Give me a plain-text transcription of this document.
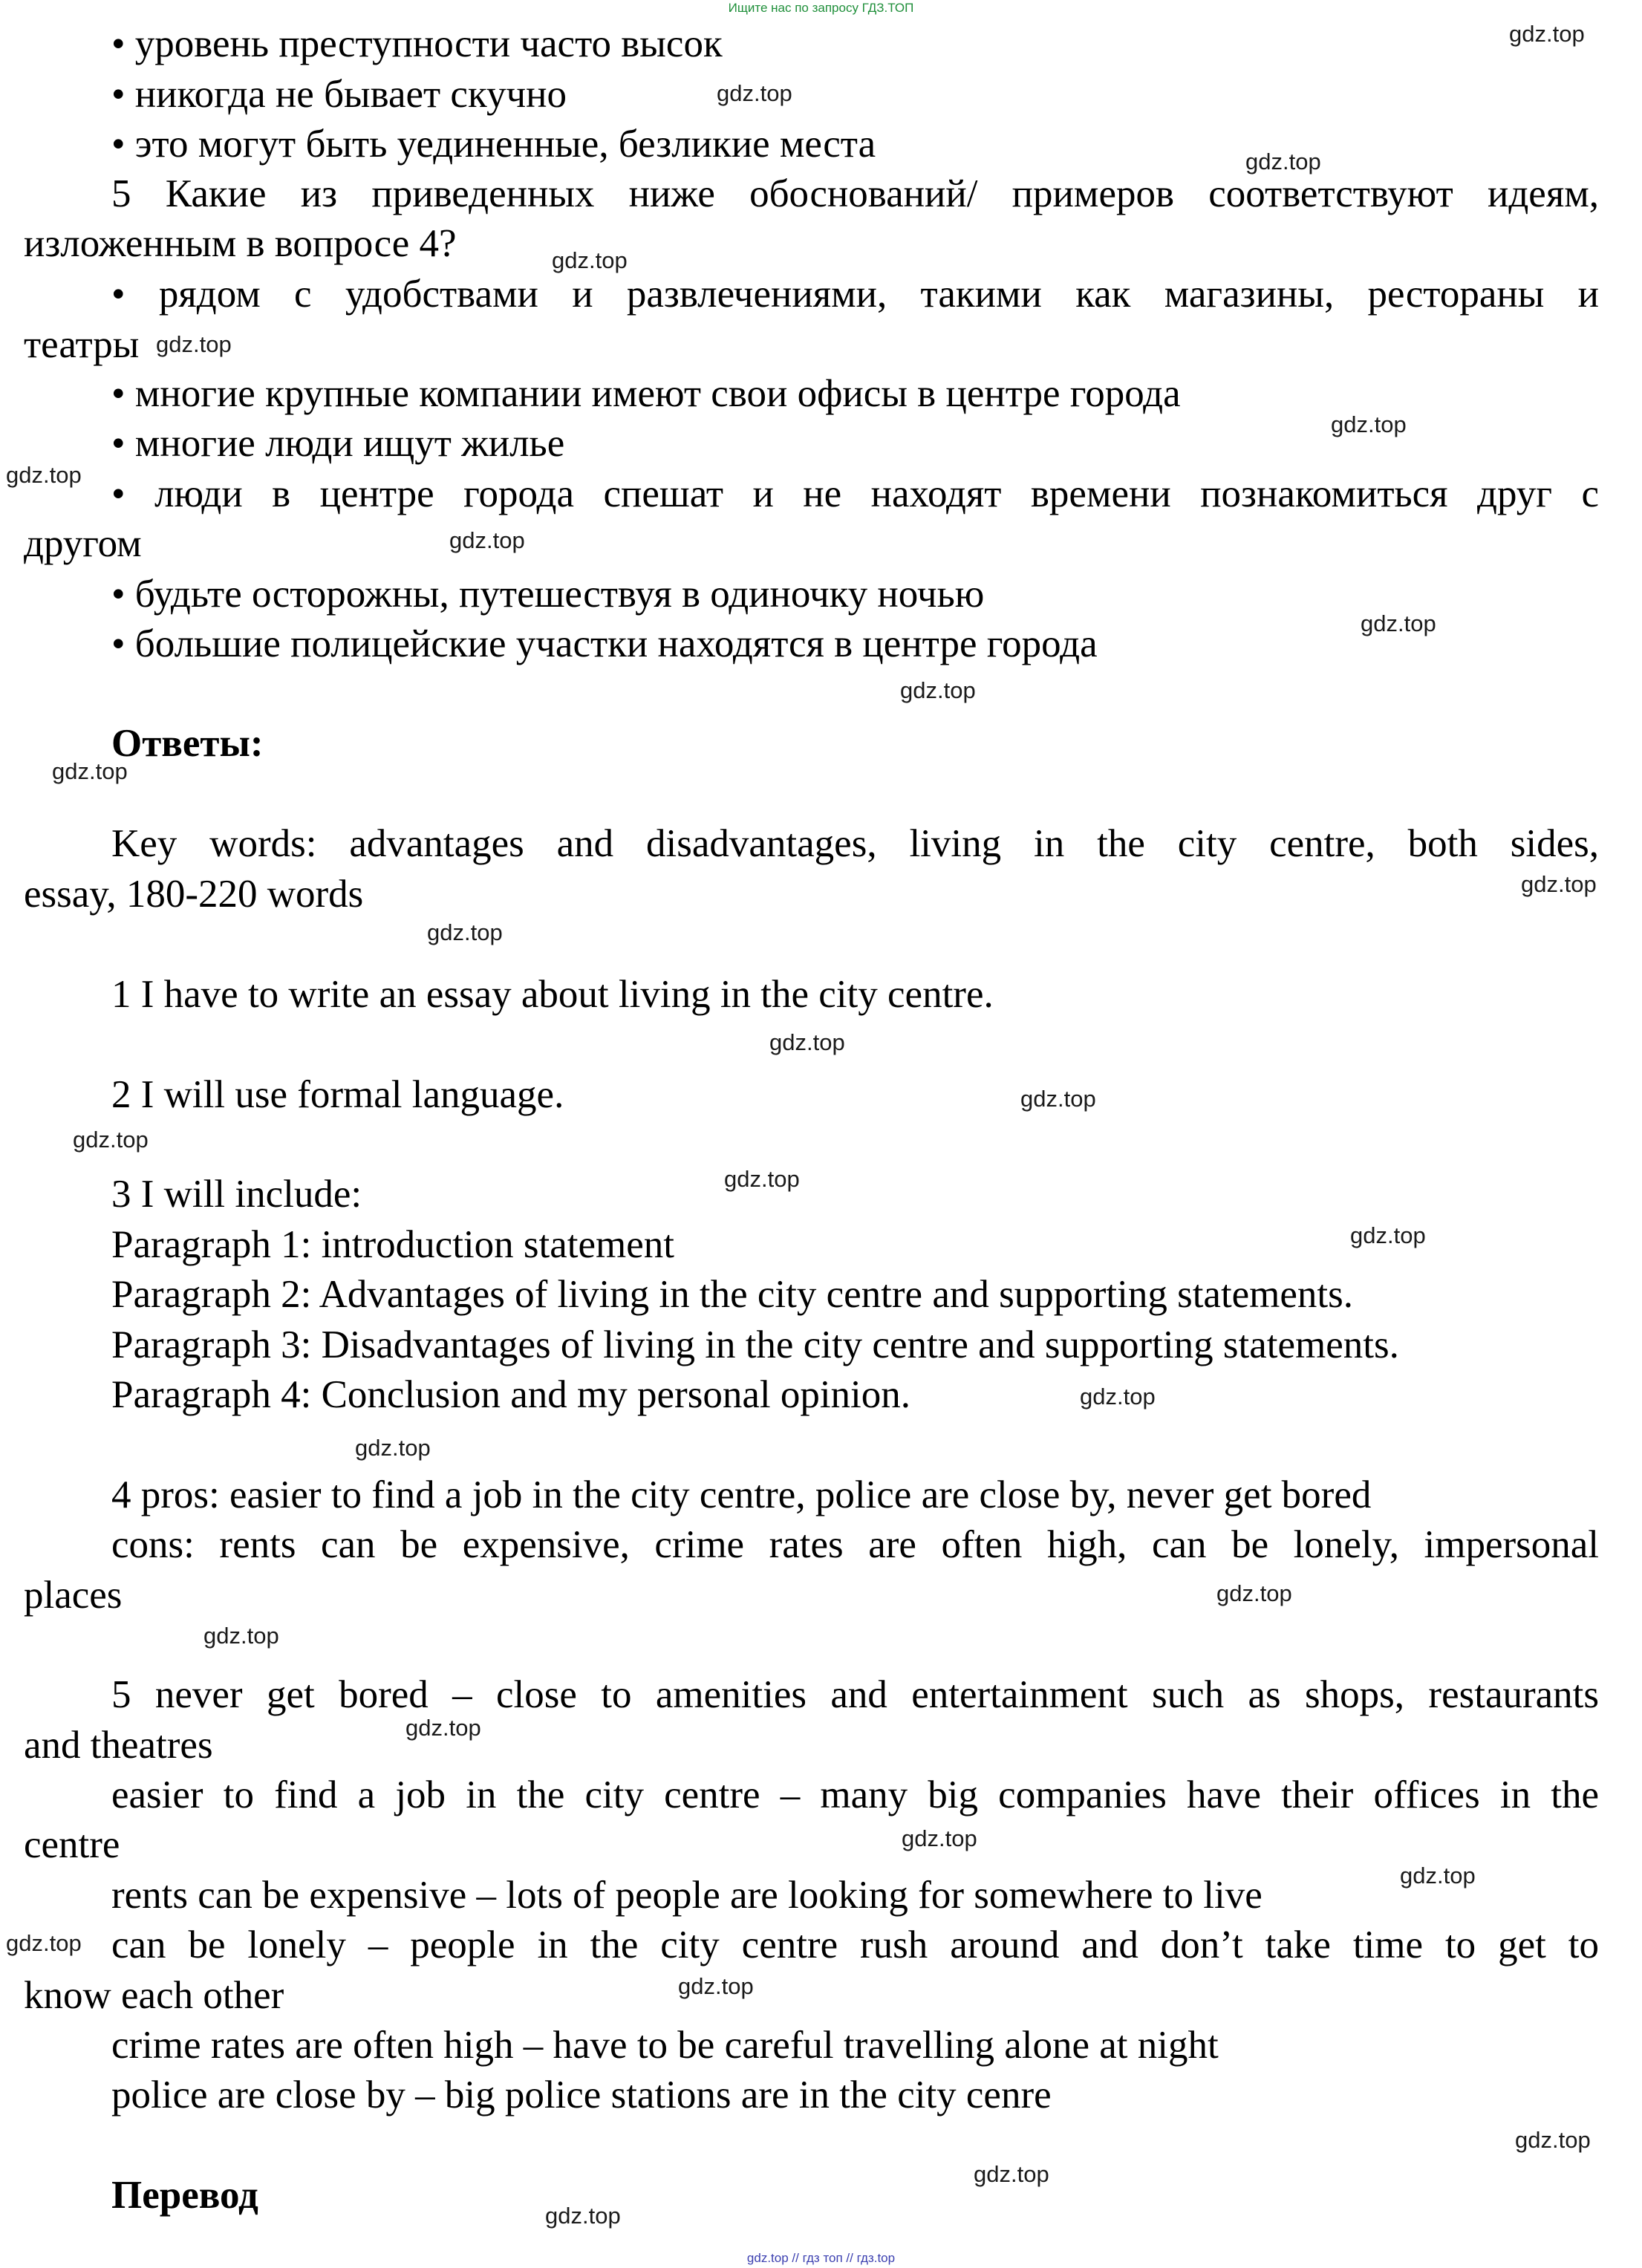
Ищите нас по запросу ГДЗ.ТОП
gdz.top // гдз топ // гдз.top
• уровень преступности часто высок
• никогда не бывает скучно
• это могут быть уединенные, безликие места
5 Какие из приведенных ниже обоснований/ примеров соответствуют идеям,
изложенным в вопросе 4?
• рядом с удобствами и развлечениями, такими как магазины, рестораны и
театры
• многие крупные компании имеют свои офисы в центре города
• многие люди ищут жилье
• люди в центре города спешат и не находят времени познакомиться друг с
другом
• будьте осторожны, путешествуя в одиночку ночью
• большие полицейские участки находятся в центре города
Ответы:
Key words: advantages and disadvantages, living in the city centre, both sides,
essay, 180-220 words
1 I have to write an essay about living in the city centre.
2 I will use formal language.
3 I will include:
Paragraph 1: introduction statement
Paragraph 2: Advantages of living in the city centre and supporting statements.
Paragraph 3: Disadvantages of living in the city centre and supporting statements.
Paragraph 4: Conclusion and my personal opinion.
4 pros: easier to find a job in the city centre, police are close by, never get bored
cons: rents can be expensive, crime rates are often high, can be lonely, impersonal
places
5 never get bored – close to amenities and entertainment such as shops, restaurants
and theatres
easier to find a job in the city centre – many big companies have their offices in the
centre
rents can be expensive – lots of people are looking for somewhere to live
can be lonely – people in the city centre rush around and don’t take time to get to
know each other
crime rates are often high – have to be careful travelling alone at night
police are close by – big police stations are in the city cenre
Перевод
gdz.top
gdz.top
gdz.top
gdz.top
gdz.top
gdz.top
gdz.top
gdz.top
gdz.top
gdz.top
gdz.top
gdz.top
gdz.top
gdz.top
gdz.top
gdz.top
gdz.top
gdz.top
gdz.top
gdz.top
gdz.top
gdz.top
gdz.top
gdz.top
gdz.top
gdz.top
gdz.top
gdz.top
gdz.top
gdz.top
